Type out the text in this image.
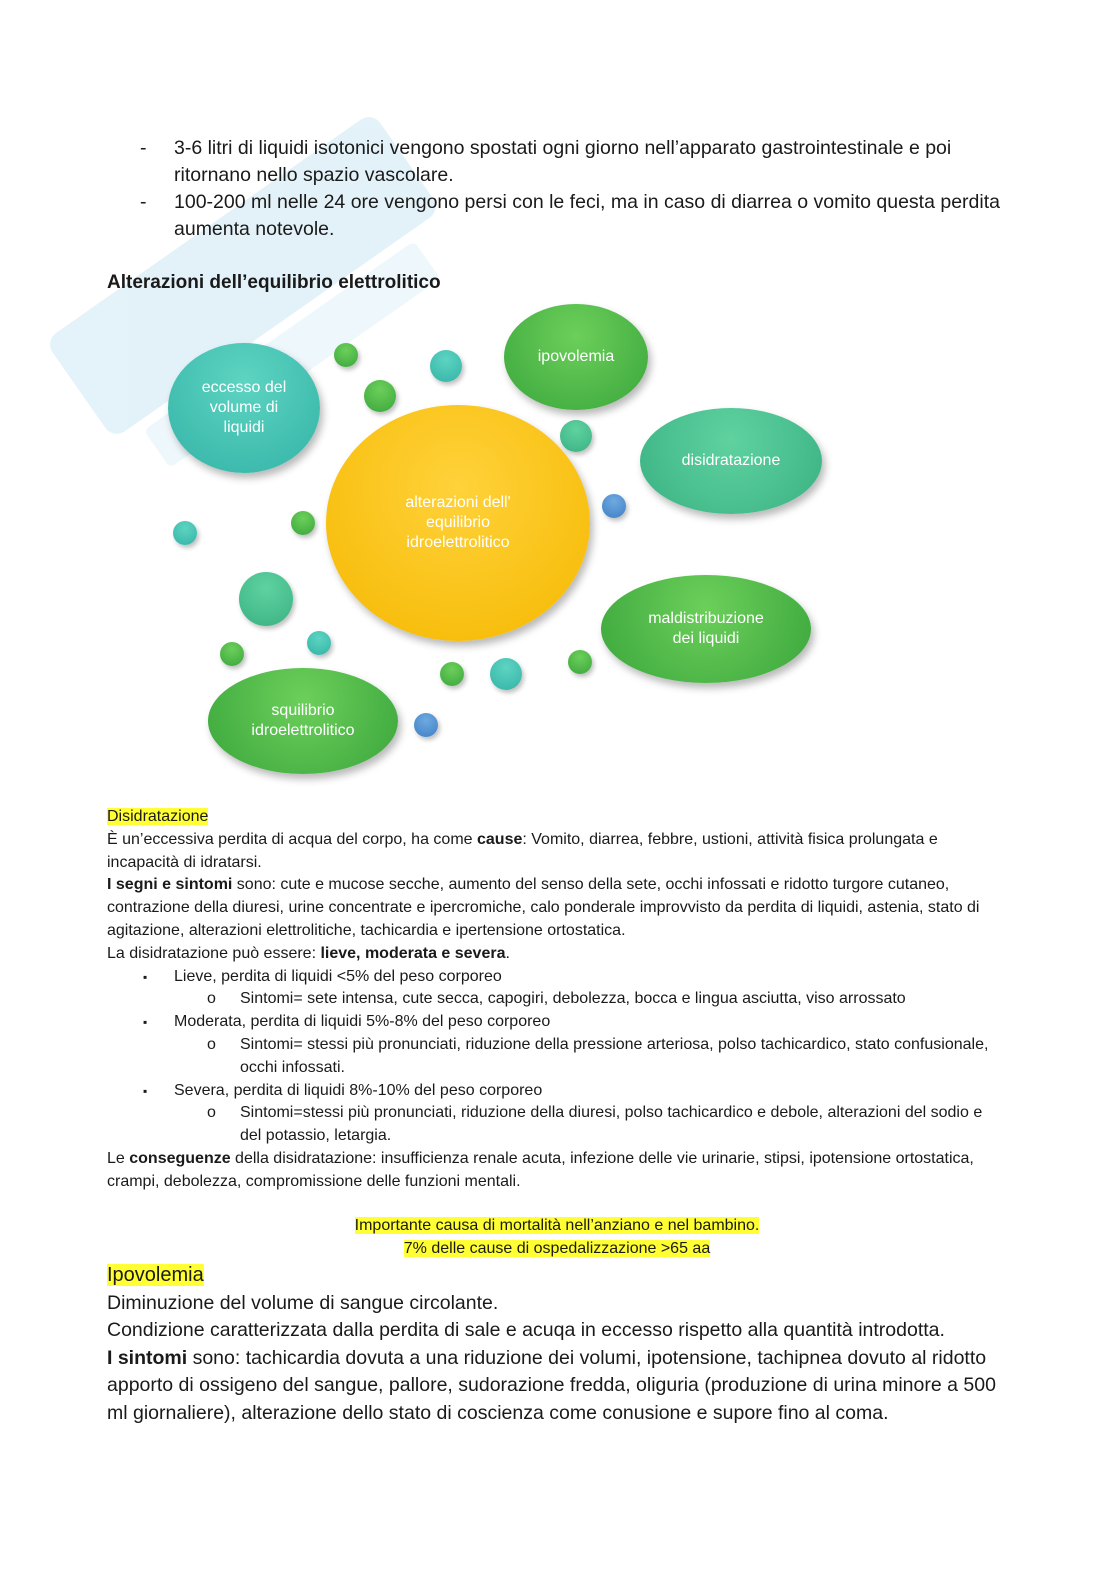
- 3-6 litri di liquidi isotonici vengono spostati ogni giorno nell’apparato gastrointestinale e poi ritornano nello spazio vascolare.
- 100-200 ml nelle 24 ore vengono persi con le feci, ma in caso di diarrea o vomito questa perdita aumenta notevole.
Alterazioni dell’equilibrio elettrolitico
alterazioni dell' equilibrio idroelettrolitico
ipovolemia
eccesso del volume di liquidi
disidratazione
maldistribuzione dei liquidi
squilibrio idroelettrolitico

Disidratazione

È un’eccessiva perdita di acqua del corpo, ha come cause: Vomito, diarrea, febbre, ustioni, attività fisica prolungata e incapacità di idratarsi.

I segni e sintomi sono: cute e mucose secche, aumento del senso della sete, occhi infossati e ridotto turgore cutaneo, contrazione della diuresi, urine concentrate e ipercromiche, calo ponderale improvvisto da perdita di liquidi, astenia, stato di agitazione, alterazioni elettrolitiche, tachicardia e ipertensione ortostatica.

La disidratazione può essere: lieve, moderata e severa.

▪ Lieve, perdita di liquidi <5% del peso corporeo
o Sintomi= sete intensa, cute secca, capogiri, debolezza, bocca e lingua asciutta, viso arrossato
▪ Moderata, perdita di liquidi 5%-8% del peso corporeo
o Sintomi= stessi più pronunciati, riduzione della pressione arteriosa, polso tachicardico, stato confusionale, occhi infossati.
▪ Severa, perdita di liquidi 8%-10% del peso corporeo
o Sintomi=stessi più pronunciati, riduzione della diuresi, polso tachicardico e debole, alterazioni del sodio e del potassio, letargia.

Le conseguenze della disidratazione: insufficienza renale acuta, infezione delle vie urinarie, stipsi, ipotensione ortostatica, crampi, debolezza, compromissione delle funzioni mentali.

Importante causa di mortalità nell’anziano e nel bambino.

7% delle cause di ospedalizzazione >65 aa

Ipovolemia

Diminuzione del volume di sangue circolante.

Condizione caratterizzata dalla perdita di sale e acuqa in eccesso rispetto alla quantità introdotta.

I sintomi sono: tachicardia dovuta a una riduzione dei volumi, ipotensione, tachipnea dovuto al ridotto apporto di ossigeno del sangue, pallore, sudorazione fredda, oliguria (produzione di urina minore a 500 ml giornaliere), alterazione dello stato di coscienza come conusione e supore fino al coma.
